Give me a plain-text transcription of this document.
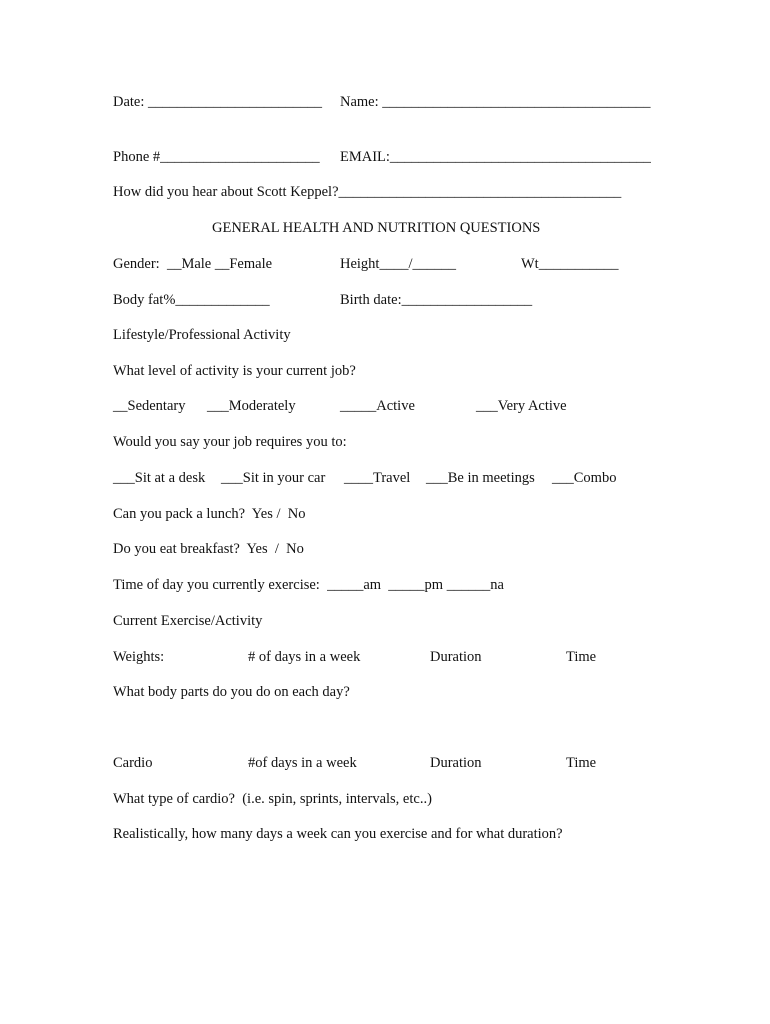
Date: ________________________ Name: _____________________________________
Phone #______________________ EMAIL:____________________________________
How did you hear about Scott Keppel?_______________________________________
GENERAL HEALTH AND NUTRITION QUESTIONS
Gender:  __Male __Female	Height____/______	Wt___________
Body fat%_____________	Birth date:__________________
Lifestyle/Professional Activity
What level of activity is your current job?
__Sedentary ___Moderately	_____Active	___Very Active
Would you say your job requires you to:
___Sit at a desk ___Sit in your car ____Travel ___Be in meetings ___Combo
Can you pack a lunch?  Yes /  No
Do you eat breakfast?  Yes  /  No
Time of day you currently exercise:  _____am  _____pm ______na
Current Exercise/Activity
Weights:	# of days in a week	Duration	Time
What body parts do you do on each day?
Cardio	#of days in a week	Duration	Time
What type of cardio?  (i.e. spin, sprints, intervals, etc..)
Realistically, how many days a week can you exercise and for what duration?
